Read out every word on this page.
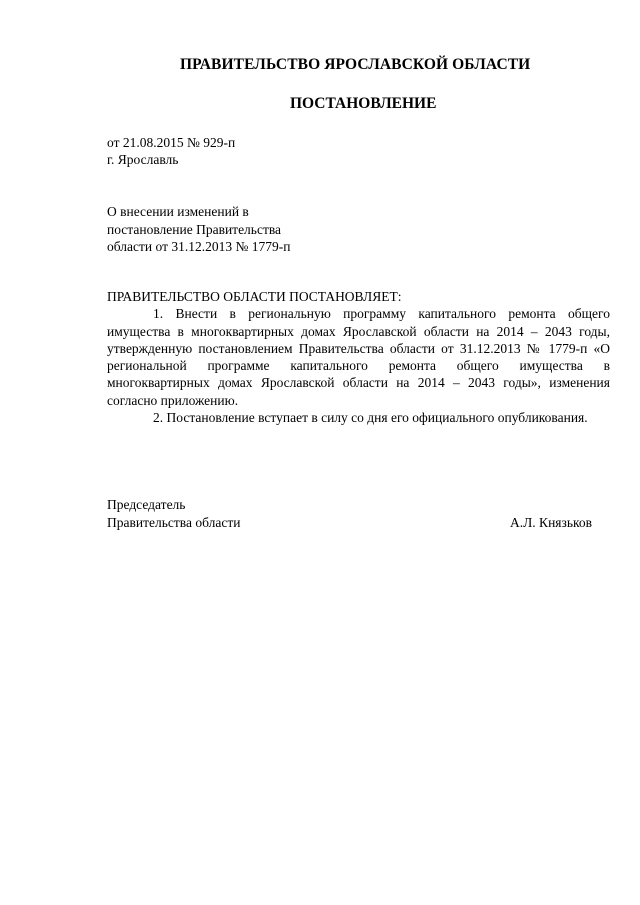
ПРАВИТЕЛЬСТВО ЯРОСЛАВСКОЙ ОБЛАСТИ
ПОСТАНОВЛЕНИЕ
от 21.08.2015 № 929-п
г. Ярославль
О внесении изменений в
постановление Правительства
области от 31.12.2013 № 1779-п
ПРАВИТЕЛЬСТВО ОБЛАСТИ ПОСТАНОВЛЯЕТ:

1. Внести в региональную программу капитального ремонта общего имущества в многоквартирных домах Ярославской области на 2014 – 2043 годы, утвержденную постановлением Правительства области от 31.12.2013 № 1779-п «О региональной программе капитального ремонта общего имущества в многоквартирных домах Ярославской области на 2014 – 2043 годы», изменения согласно приложению.

2. Постановление вступает в силу со дня его официального опубликования.

Председатель
Правительства области	А.Л. Князьков
